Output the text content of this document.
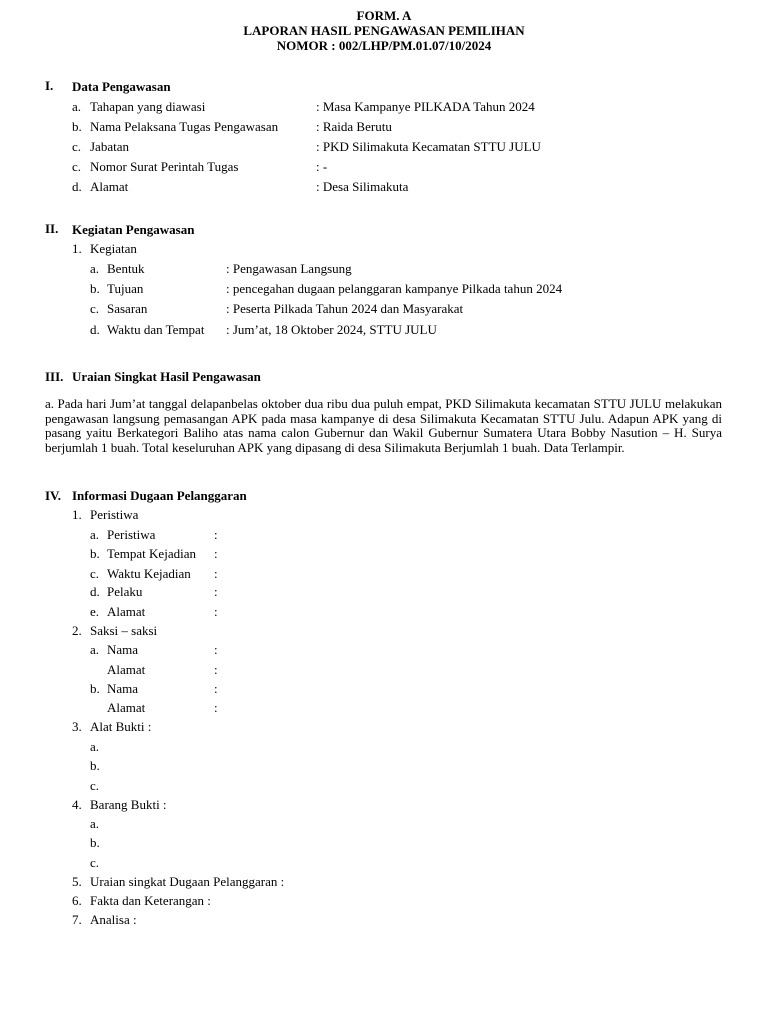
FORM. A
LAPORAN HASIL PENGAWASAN PEMILIHAN
NOMOR : 002/LHP/PM.01.07/10/2024
I. Data Pengawasan
a. Tahapan yang diawasi	: Masa Kampanye PILKADA Tahun 2024
b. Nama Pelaksana Tugas Pengawasan	: Raida Berutu
c. Jabatan	: PKD Silimakuta Kecamatan STTU JULU
c. Nomor Surat Perintah Tugas	: -
d. Alamat	: Desa Silimakuta
II. Kegiatan Pengawasan
1. Kegiatan
a. Bentuk	: Pengawasan Langsung
b. Tujuan	: pencegahan dugaan pelanggaran kampanye Pilkada tahun 2024
c. Sasaran	: Peserta Pilkada Tahun 2024 dan Masyarakat
d. Waktu dan Tempat : Jum’at, 18 Oktober 2024, STTU JULU
III. Uraian Singkat Hasil Pengawasan
a. Pada hari Jum’at tanggal delapanbelas oktober dua ribu dua puluh empat, PKD Silimakuta kecamatan STTU JULU melakukan pengawasan langsung pemasangan APK pada masa kampanye di desa Silimakuta Kecamatan STTU Julu. Adapun APK yang di pasang yaitu Berkategori Baliho atas nama calon Gubernur dan Wakil Gubernur Sumatera Utara Bobby Nasution – H. Surya berjumlah 1 buah. Total keseluruhan APK yang dipasang di desa Silimakuta Berjumlah 1 buah. Data Terlampir.
IV. Informasi Dugaan Pelanggaran
1. Peristiwa
a. Peristiwa	:
b. Tempat Kejadian :
c. Waktu Kejadian :
d. Pelaku	:
e. Alamat	:
2. Saksi – saksi
a. Nama	:
Alamat	:
b. Nama	:
Alamat	:
3. Alat Bukti :
a.
b.
c.
4. Barang Bukti :
a.
b.
c.
5. Uraian singkat Dugaan Pelanggaran :
6. Fakta dan Keterangan :
7. Analisa :
